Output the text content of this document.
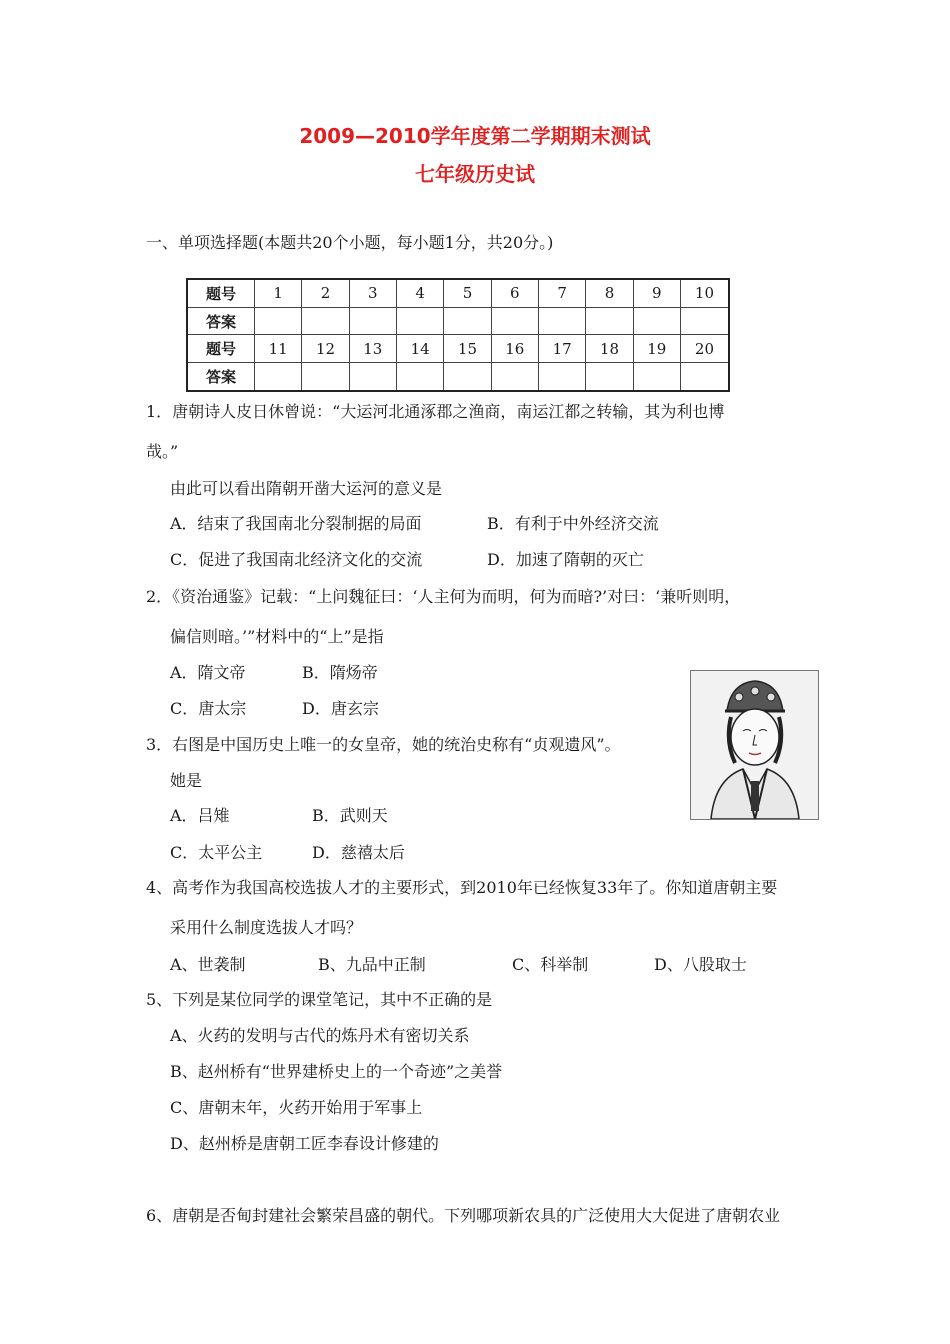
2009—2010学年度第二学期期末测试
七年级历史试
一、单项选择题(本题共20个小题，每小题1分，共20分。)
题号	1	2	3	4	5	6	7	8	9	10
答案										
题号	11	12	13	14	15	16	17	18	19	20
答案										
1．唐朝诗人皮日休曾说：“大运河北通涿郡之渔商，南运江都之转输，其为利也博
哉。”
由此可以看出隋朝开凿大运河的意义是
A．结束了我国南北分裂制据的局面	B．有利于中外经济交流
C．促进了我国南北经济文化的交流	D．加速了隋朝的灭亡
2．《资治通鉴》记载：“上问魏征曰：‘人主何为而明，何为而暗?’对曰：‘兼听则明，
偏信则暗。’”材料中的“上”是指
A．隋文帝	B．隋炀帝
C．唐太宗	D．唐玄宗
3．右图是中国历史上唯一的女皇帝，她的统治史称有“贞观遗风”。
她是
A．吕雉	B．武则天
C．太平公主	D．慈禧太后
4、高考作为我国高校选拔人才的主要形式，到2010年已经恢复33年了。你知道唐朝主要
采用什么制度选拔人才吗？
A、世袭制	B、九品中正制	C、科举制	D、八股取士
5、下列是某位同学的课堂笔记，其中不正确的是
A、火药的发明与古代的炼丹术有密切关系
B、赵州桥有“世界建桥史上的一个奇迹”之美誉
C、唐朝末年，火药开始用于军事上
D、赵州桥是唐朝工匠李春设计修建的
6、唐朝是否甸封建社会繁荣昌盛的朝代。下列哪项新农具的广泛使用大大促进了唐朝农业
